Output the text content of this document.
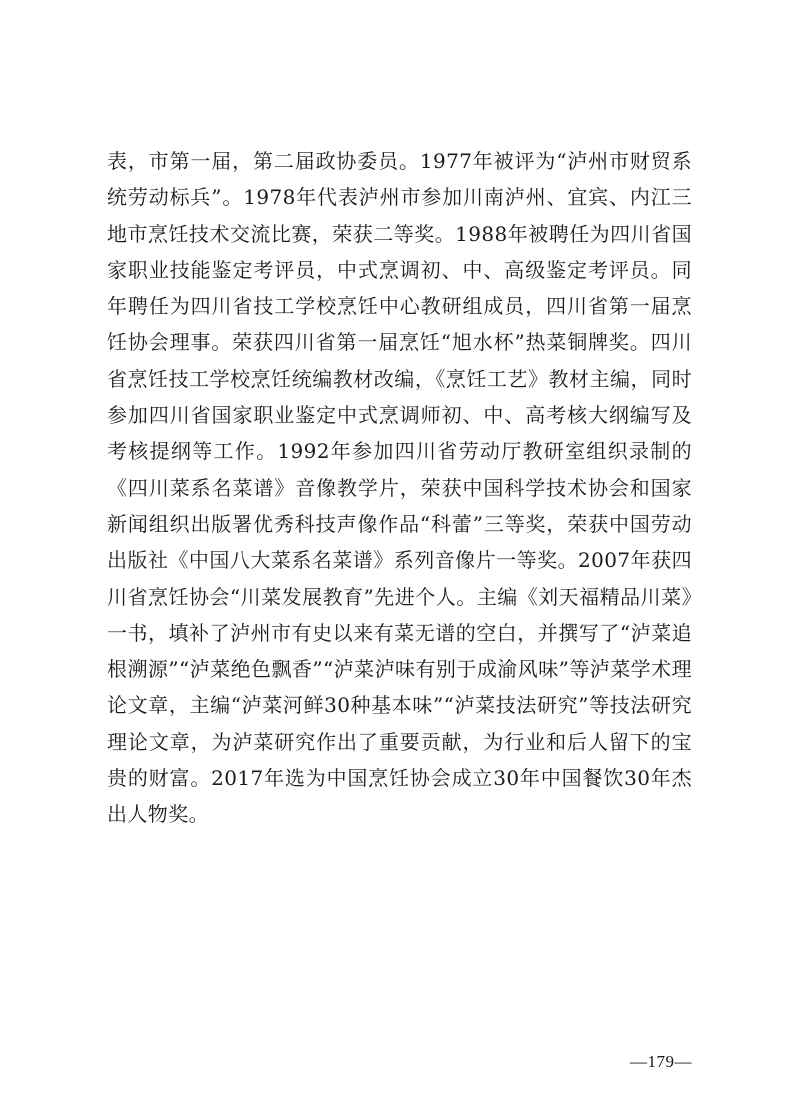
表，市第一届，第二届政协委员。1977年被评为“泸州市财贸系统劳动标兵”。1978年代表泸州市参加川南泸州、宜宾、内江三地市烹饪技术交流比赛，荣获二等奖。1988年被聘任为四川省国家职业技能鉴定考评员，中式烹调初、中、高级鉴定考评员。同年聘任为四川省技工学校烹饪中心教研组成员，四川省第一届烹饪协会理事。荣获四川省第一届烹饪“旭水杯”热菜铜牌奖。四川省烹饪技工学校烹饪统编教材改编，《烹饪工艺》教材主编，同时参加四川省国家职业鉴定中式烹调师初、中、高考核大纲编写及考核提纲等工作。1992年参加四川省劳动厅教研室组织录制的《四川菜系名菜谱》音像教学片，荣获中国科学技术协会和国家新闻组织出版署优秀科技声像作品“科蕾”三等奖，荣获中国劳动出版社《中国八大菜系名菜谱》系列音像片一等奖。2007年获四川省烹饪协会“川菜发展教育”先进个人。主编《刘天福精品川菜》一书，填补了泸州市有史以来有菜无谱的空白，并撰写了“泸菜追根溯源”“泸菜绝色飘香”“泸菜泸味有别于成渝风味”等泸菜学术理论文章，主编“泸菜河鲜30种基本味”“泸菜技法研究”等技法研究理论文章，为泸菜研究作出了重要贡献，为行业和后人留下的宝贵的财富。2017年选为中国烹饪协会成立30年中国餐饮30年杰出人物奖。

—179—
